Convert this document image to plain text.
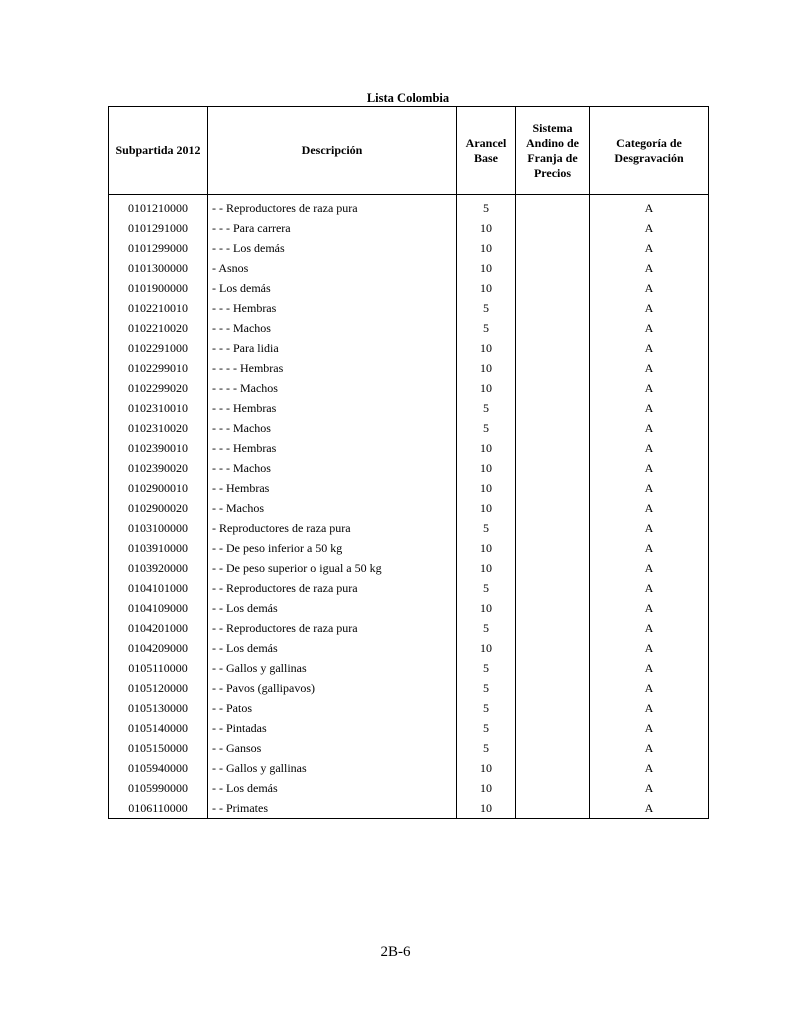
Lista Colombia
Subpartida 2012	Descripción	Arancel Base	Sistema Andino de Franja de Precios	Categoría de Desgravación

0101210000	- - Reproductores de raza pura	5		A
0101291000	- - - Para carrera	10		A
0101299000	- - - Los demás	10		A
0101300000	- Asnos	10		A
0101900000	- Los demás	10		A
0102210010	- - - Hembras	5		A
0102210020	- - - Machos	5		A
0102291000	- - - Para lidia	10		A
0102299010	- - - - Hembras	10		A
0102299020	- - - - Machos	10		A
0102310010	- - - Hembras	5		A
0102310020	- - - Machos	5		A
0102390010	- - - Hembras	10		A
0102390020	- - - Machos	10		A
0102900010	- - Hembras	10		A
0102900020	- - Machos	10		A
0103100000	- Reproductores de raza pura	5		A
0103910000	- - De peso inferior a 50 kg	10		A
0103920000	- - De peso superior o igual a 50 kg	10		A
0104101000	- - Reproductores de raza pura	5		A
0104109000	- - Los demás	10		A
0104201000	- - Reproductores de raza pura	5		A
0104209000	- - Los demás	10		A
0105110000	- - Gallos y gallinas	5		A
0105120000	- - Pavos (gallipavos)	5		A
0105130000	- - Patos	5		A
0105140000	- - Pintadas	5		A
0105150000	- - Gansos	5		A
0105940000	- - Gallos y gallinas	10		A
0105990000	- - Los demás	10		A
0106110000	- - Primates	10		A
2B-6
